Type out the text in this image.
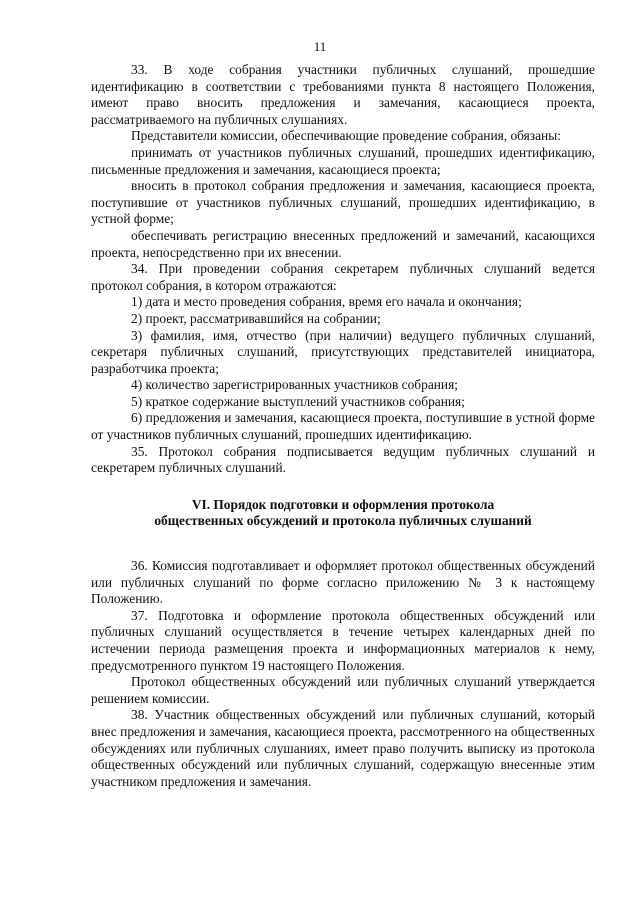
11

33. В ходе собрания участники публичных слушаний, прошедшие идентификацию в соответствии с требованиями пункта 8 настоящего Положения, имеют право вносить предложения и замечания, касающиеся проекта, рассматриваемого на публичных слушаниях.

Представители комиссии, обеспечивающие проведение собрания, обязаны:

принимать от участников публичных слушаний, прошедших идентификацию, письменные предложения и замечания, касающиеся проекта;

вносить в протокол собрания предложения и замечания, касающиеся проекта, поступившие от участников публичных слушаний, прошедших идентификацию, в устной форме;

обеспечивать регистрацию внесенных предложений и замечаний, касающихся проекта, непосредственно при их внесении.

34. При проведении собрания секретарем публичных слушаний ведется протокол собрания, в котором отражаются:

1) дата и место проведения собрания, время его начала и окончания;

2) проект, рассматривавшийся на собрании;

3) фамилия, имя, отчество (при наличии) ведущего публичных слушаний, секретаря публичных слушаний, присутствующих представителей инициатора, разработчика проекта;

4) количество зарегистрированных участников собрания;

5) краткое содержание выступлений участников собрания;

6) предложения и замечания, касающиеся проекта, поступившие в устной форме от участников публичных слушаний, прошедших идентификацию.

35. Протокол собрания подписывается ведущим публичных слушаний и секретарем публичных слушаний.

VI. Порядок подготовки и оформления протокола
общественных обсуждений и протокола публичных слушаний

36. Комиссия подготавливает и оформляет протокол общественных обсуждений или публичных слушаний по форме согласно приложению № 3 к настоящему Положению.

37. Подготовка и оформление протокола общественных обсуждений или публичных слушаний осуществляется в течение четырех календарных дней по истечении периода размещения проекта и информационных материалов к нему, предусмотренного пунктом 19 настоящего Положения.

Протокол общественных обсуждений или публичных слушаний утверждается решением комиссии.

38. Участник общественных обсуждений или публичных слушаний, который внес предложения и замечания, касающиеся проекта, рассмотренного на общественных обсуждениях или публичных слушаниях, имеет право получить выписку из протокола общественных обсуждений или публичных слушаний, содержащую внесенные этим участником предложения и замечания.
